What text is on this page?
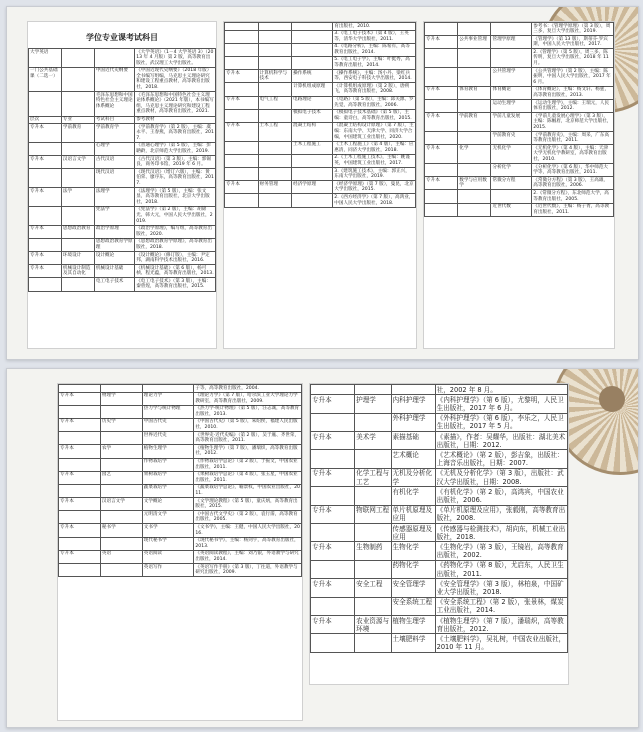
学位专业课考试科目
大学英语			《大学英语》（1－4 大学英语 3）（2013 年 4 月版）第 2 版，高等教育出版社，武汉理工大学出版社。
一门公共基础课（二选一）		中国近代史纲要	《中国近现代史纲要》（2018 年版）全书编写组编，马克思主义理论研究和建设工程重点教材，高等教育出版社，2018.
		毛泽东思想和中国特色社会主义理论体系概论	《毛泽东思想和中国特色社会主义理论体系概论》（2021 年版），本书编写组，马克思主义理论研究和建设工程重点教材，高等教育出版社，2021.
层次	专业	考试科目	参考教材
专升本	学前教育	学前教育学	《学前教育学》（第 2 版），主编：虞永平、王春燕，高等教育出版社，2017.
		心理学	《普通心理学》（第 5 版），主编：彭聃龄，北京师范大学出版社，2019.
专升本	汉语言文学	古代汉语	《古代汉语》（第 3 版），主编：郭锡良，商务印书馆，2019 年 6 月。
		现代汉语	《现代汉语》（增订六版），主编：黄伯荣、廖序东，高等教育出版社，2017.
专升本	法学	法理学	《法理学》（第 5 版），主编：张文显，高等教育出版社，北京大学出版社，2018.
		宪法学	《宪法学》（第 2 版），主编：胡锦光、韩大元，中国人民大学出版社，2019.
专升本	思想政治教育	政治学原理	《政治学原理》，编写组，高等教育出版社，2020.
		思想政治教育学原理	《思想政治教育学原理》，高等教育出版社，2018.
专升本	环境设计	设计概论	《设计概论》（修订版），主编：尹定邦，湖南科学技术出版社，2016.
专升本	机械设计制造及其自动化	机械设计基础	《机械设计基础》（第 6 版），杨可桢、程光蕴，高等教育出版社，2013.
		电工电子技术	《电工电子技术》（第 3 版），主编：秦曾煌，高等教育出版社，2015.
			育出版社，2010.
			3.《电工电子技术》（第 4 版），王英等，清华大学出版社，2011.
			4.《电路分析》，主编：陈希有，高等教育出版社，2014.
			5.《电工电子学》，主编：叶挺秀，高等教育出版社，2014.
专升本	计算机科学与技术	操作系统	《操作系统》，主编：汤小丹、梁红兵等，西安电子科技大学出版社，2014.
		计算机组成原理	《计算机组成原理》（第 2 版），唐朔飞，高等教育出版社，2008.
专升本	电气工程	电路理论	《电路》（第 5 版），主编：邱关源、罗先觉，高等教育出版社，2006.
		模拟电子技术	《模拟电子技术基础》（第 5 版），主编：童诗白，高等教育出版社，2015.
专升本	土木工程	混凝土结构	《混凝土结构设计原理》（第 7 版），主编：东南大学、天津大学、同济大学合编，中国建筑工业出版社，2020.
		土木工程施工	《土木工程施工》（第 4 版），主编：应惠清，同济大学出版社，2018.
			2.《土木工程施工技术》，主编：姚谨英，中国建筑工业出版社，2017.
			3.《建筑施工技术》，主编：郭正兴，东南大学出版社，2019.
专升本	财务管理	经济学原理	《经济学原理》（第 7 版），曼昆，北京大学出版社，2015.
			2.《西方经济学》（第 7 版），高鸿业，中国人民大学出版社，2018.
			参考书：《管理学原理》（第 3 版），周三多，复旦大学出版社，2019.
专升本	公共事业管理	管理学原理	《管理学》（第 13 版），斯蒂芬·罗宾斯，中国人民大学出版社，2017.
			2.《管理学》（第 5 版），周三多、陈传明，复旦大学出版社，2018 年 11 月。
		公共管理学	《公共管理学》（第 2 版），主编：陈振明，中国人民大学出版社，2017 年 6 月。
专升本	体育教育	体育概论	《体育概论》，主编：杨文轩、杨霆，高等教育出版社，2013.
		运动生理学	《运动生理学》，主编：王瑞元，人民体育出版社，2012.
专升本	学前教育	学前儿童发展	《学前儿童发展心理学》（第 3 版），主编：陈帼眉，北京师范大学出版社，2015.
		学前教育史	《学前教育史》，主编：周采，广东高等教育出版社，2011.
专升本	化学	无机化学	《无机化学》（第 4 版），主编：天津大学无机化学教研室，高等教育出版社，2010.
		分析化学	《分析化学》（第 6 版），华中师范大学等，高等教育出版社，2011.
专升本	数学与应用数学	常微分方程	《常微分方程》（第 3 版），王高雄，高等教育出版社，2006.
			2.《常微分方程》，东北师范大学，高等教育出版社，2005.
		近世代数	《近世代数》，主编：杨子胥，高等教育出版社，2011.
			子等，高等教育出版社，2004.
专升本	物理学	理论力学	《理论力学》（第 7 版），哈尔滨工业大学理论力学教研室，高等教育出版社，2009.
		热力学与统计物理	《热力学·统计物理》（第 5 版），汪志诚，高等教育出版社，2013.
专升本	历史学	中国古代史	《中国古代史》（第 5 版），朱绍侯，福建人民出版社，2010.
		世界近代史	《世界史·近代史编》（第 2 版），吴于廑、齐世荣，高等教育出版社，2011.
专升本	农学	植物生理学	《植物生理学》（第 7 版），潘瑞炽，高等教育出版社，2012.
		作物栽培学	《作物栽培学总论》（第 2 版），于振文，中国农业出版社，2011.
专升本	园艺	果树栽培学	《果树栽培学总论》（第 4 版），张玉星，中国农业出版社，2011.
		蔬菜栽培学	《蔬菜栽培学总论》，喻景权，中国农业出版社，2011.
专升本	汉语言文学	文学概论	《文学理论教程》（第 5 版），童庆炳，高等教育出版社，2015.
		元明清文学	《中国古代文学史》（第 2 版），袁行霈，高等教育出版社，2005.
专升本	秘书学	文书学	《文书学》，主编：王健，中国人民大学出版社，2016.
		现代秘书学	《现代秘书学》，主编：杨剑宇，高等教育出版社，2013.
专升本	英语	英语阅读	《英语阅读教程》，主编：刘乃银，外语教学与研究出版社，2014.
		英语写作	《英语写作手册》（第 3 版），丁往道，外语教学与研究出版社，2009.
			社，2002 年 8 月。
专升本	护理学	内科护理学	《内科护理学》（第 6 版），尤黎明，人民卫生出版社，2017 年 6 月。
		外科护理学	《外科护理学》（第 6 版），李乐之，人民卫生出版社，2017 年 5 月。
专升本	美术学	素描基础	《素描》，作者：吴耀华，出版社：湖北美术出版社，日期：2012.
		艺术概论	《艺术概论》（第 2 版），彭吉象，出版社：上海音乐出版社，日期：2007.
专升本	化学工程与工艺	无机及分析化学	《无机及分析化学》（第 3 版），出版社：武汉大学出版社，日期：2008.
		有机化学	《有机化学》（第 2 版），高鸿宾，中国农业出版社，2006.
专升本	物联网工程	单片机原理及应用	《单片机原理及应用》，张毅刚，高等教育出版社，2008.
		传感器原理及应用	《传感器与检测技术》，胡向东，机械工业出版社，2018.
专升本	生物制药	生物化学	《生物化学》（第 3 版），王镜岩，高等教育出版社，2002.
		药物化学	《药物化学》（第 8 版），尤启东，人民卫生出版社，2011.
专升本	安全工程	安全管理学	《安全管理学》（第 3 版），林柏泉，中国矿业大学出版社，2018.
		安全系统工程	《安全系统工程》（第 2 版），张景林，煤炭工业出版社，2014.
专升本	农业资源与环境	植物生理学	《植物生理学》（第 7 版），潘瑞炽，高等教育出版社，2012.
		土壤肥料学	《土壤肥料学》，吴礼树，中国农业出版社，2010 年 11 月。
